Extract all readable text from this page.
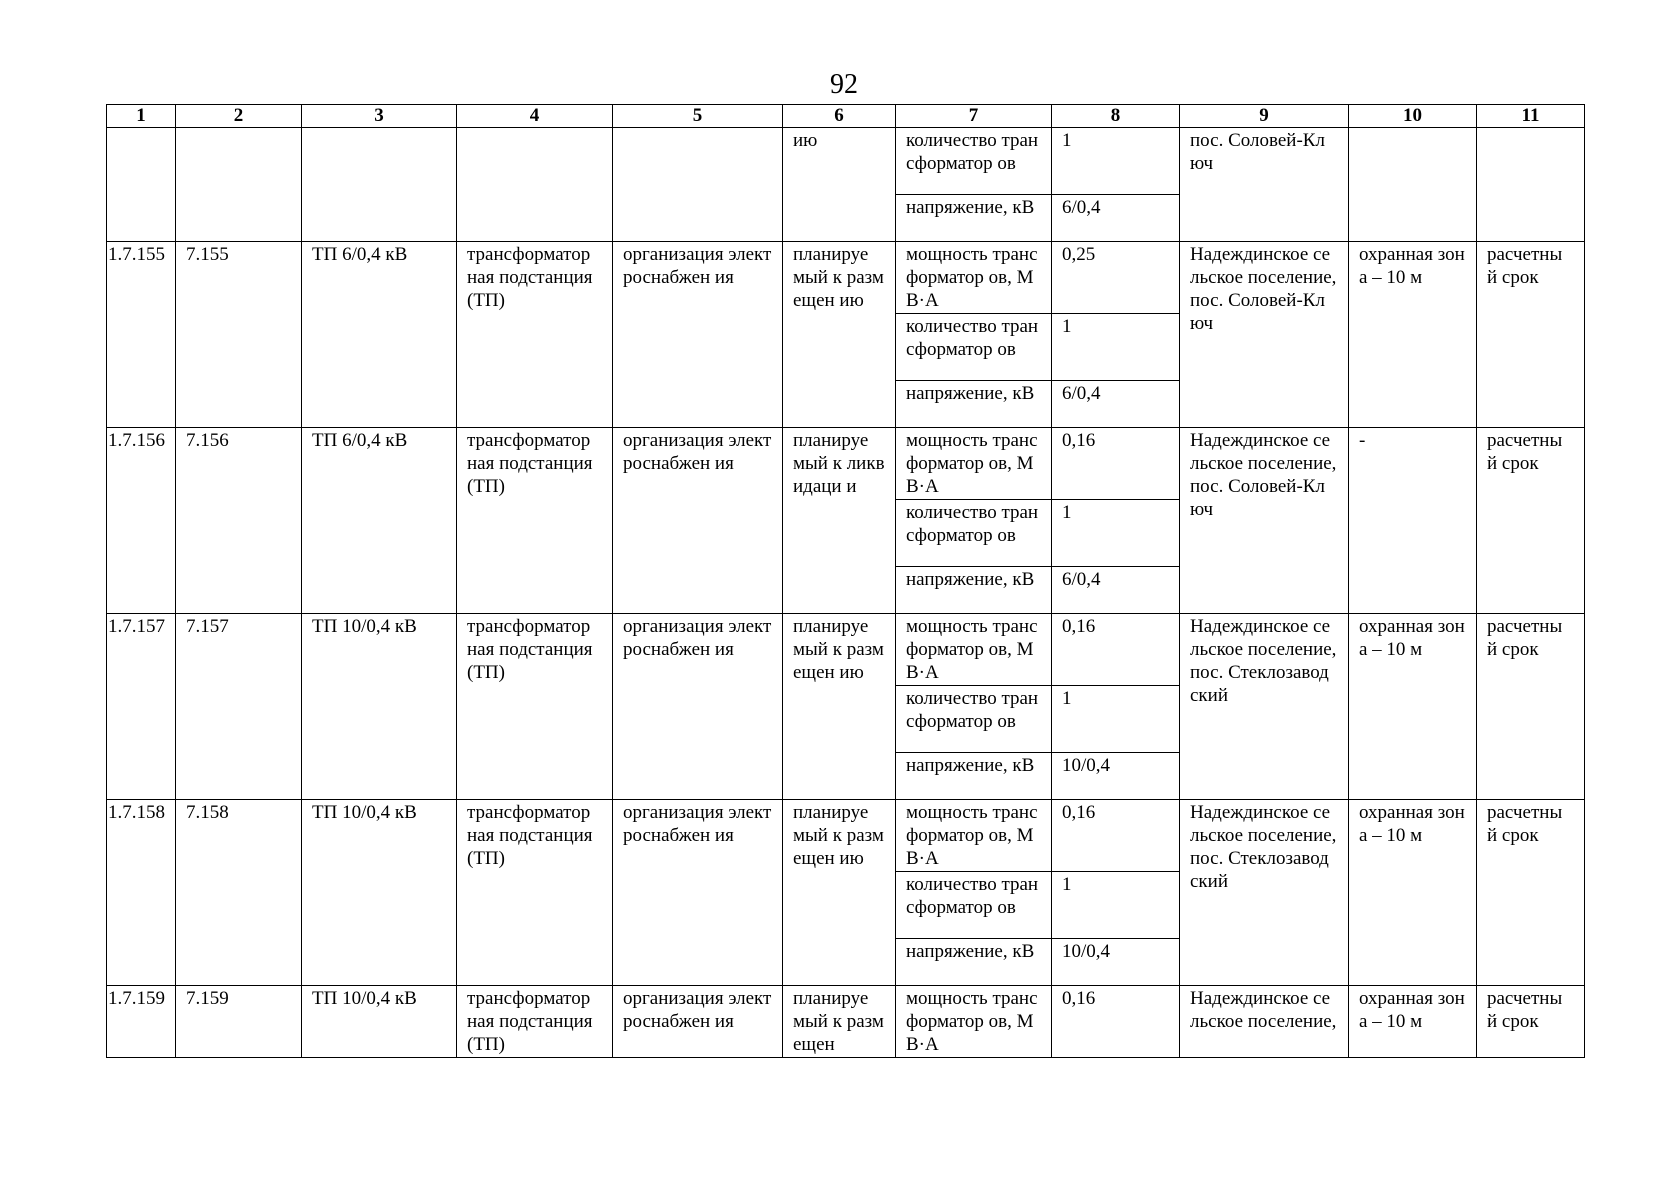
92
1	2	3	4	5	6	7	8	9	10	11
					ию	количество трансформатор ов	1	пос. Соловей-Ключ		
						напряжение, кВ	6/0,4			
1.7.155	7.155	ТП 6/0,4 кВ	трансформатор ная подстанция (ТП)	организация электроснабжен ия	планируе мый к размещен ию	мощность трансформатор ов, МВ·А	0,25	Надеждинское сельское поселение, пос. Соловей-Ключ	охранная зона – 10 м	расчетны й срок
						количество трансформатор ов	1			
						напряжение, кВ	6/0,4			
1.7.156	7.156	ТП 6/0,4 кВ	трансформатор ная подстанция (ТП)	организация электроснабжен ия	планируе мый к ликвидаци и	мощность трансформатор ов, МВ·А	0,16	Надеждинское сельское поселение, пос. Соловей-Ключ	-	расчетны й срок
						количество трансформатор ов	1			
						напряжение, кВ	6/0,4			
1.7.157	7.157	ТП 10/0,4 кВ	трансформатор ная подстанция (ТП)	организация электроснабжен ия	планируе мый к размещен ию	мощность трансформатор ов, МВ·А	0,16	Надеждинское сельское поселение, пос. Стеклозавод ский	охранная зона – 10 м	расчетны й срок
						количество трансформатор ов	1			
						напряжение, кВ	10/0,4			
1.7.158	7.158	ТП 10/0,4 кВ	трансформатор ная подстанция (ТП)	организация электроснабжен ия	планируе мый к размещен ию	мощность трансформатор ов, МВ·А	0,16	Надеждинское сельское поселение, пос. Стеклозавод ский	охранная зона – 10 м	расчетны й срок
						количество трансформатор ов	1			
						напряжение, кВ	10/0,4			
1.7.159	7.159	ТП 10/0,4 кВ	трансформатор ная подстанция (ТП)	организация электроснабжен ия	планируе мый к размещен	мощность трансформатор ов, МВ·А	0,16	Надеждинское сельское поселение,	охранная зона – 10 м	расчетны й срок
